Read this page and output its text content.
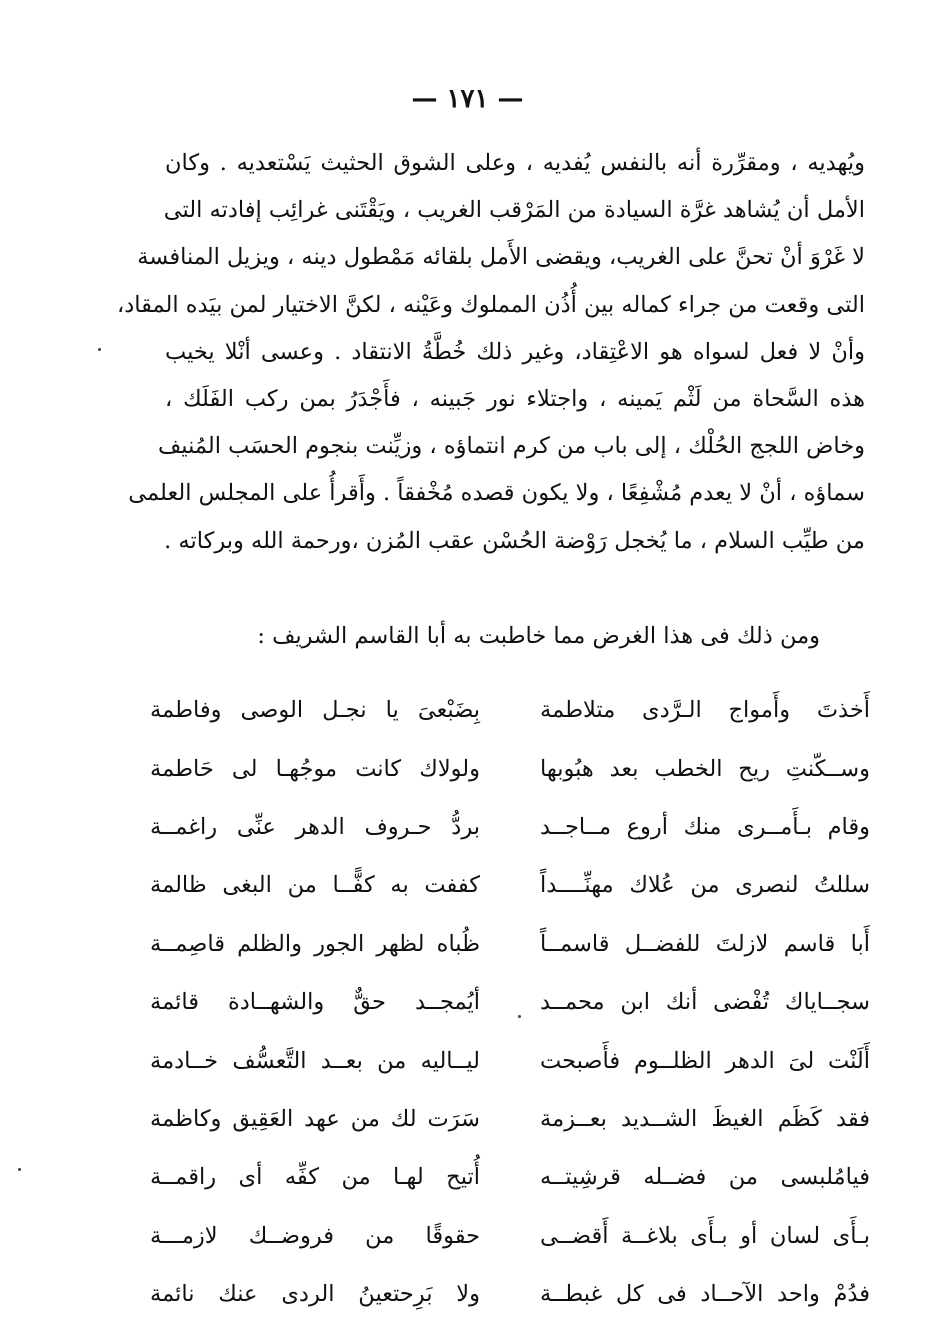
— ١٧١ —
ويُهديه ، ومقرِّرة أنه بالنفس يُفديه ، وعلى الشوق الحثيث يَسْتعديه . وكان
الأمل أن يُشاهد غرَّة السيادة من المَرْقب الغريب ، ويَقْتَنى غرائِب إفادته التى
لا غَرْوَ أنْ تحنَّ على الغريب، ويقضى الأَمل بلقائه مَمْطول دينه ، ويزيل المنافسة
التى وقعت من جراء كماله بين أُذُن المملوك وعَيْنه ، لكنَّ الاختيار لمن بيَده المقاد،
وأنْ لا فعل لسواه هو الاعْتِقاد، وغير ذلك خُطَّةُ الانتقاد . وعسى أنْلا يخيب
هذه السَّحاة من لَثْم يَمينه ، واجتلاء نور جَبينه ، فأَجْدَرُ بمن ركب الفَلَك ،
وخاض اللجج الحُلْك ، إلى باب من كرم انتماؤه ، وزيِّنت بنجوم الحسَب المُنيف
سماؤه ، أنْ لا يعدم مُشْفِعًا ، ولا يكون قصده مُخْفقاً . وأَقرأُ على المجلس العلمى
من طيِّب السلام ، ما يُخجل رَوْضة الحُسْن عقب المُزن ،ورحمة الله وبركاته .
ومن ذلك فى هذا الغرض مما خاطبت به أبا القاسم الشريف :
أَخذتَ وأَمواج الـرَّدى متلاطمة
بِضَبْعىَ يا نجـل الوصى وفاطمة
وســكّنتِ ريح الخطب بعد هبُوبها
ولولاك كانت موجُهـا لى حَاطمة
وقام بـأَمــرى منك أروع مــاجــد
بردُّ حـروف الدهر عنِّى راغمــة
سللتُ لنصرى من عُلاك مهنِّــــداً
كففت به كفًّــا من البغى ظالمة
أَبا قاسم لازلتَ للفضــل قاسمــاً
ظُباه لظهر الجور والظلم قاصِمــة
سجــاياك تُفْضى أنك ابن محمــد
أيُمجــد حقٌّ والشهــادة قائمة
أَلَنْت لىَ الدهر الظلــوم فأَصبحت
ليــاليه من بعــد التَّعسُّف خــادمة
فقد كَظَم الغيظَ الشــديد بعــزمة
سَرَت لك من عهد العَقِيق وكاظمة
فيامُلبسى من فضــله قرشِيتــه
أُتيح لهـا من كفِّه أى راقمــة
بـأَى لسان أو بـأَى بلاغــة أَقضــى
حقوقًا من فروضــك لازمـــة
فدُمْ واحد الآحــاد فى كل غبطــة
ولا بَرِحتعينُ الردى عنك نائمة
